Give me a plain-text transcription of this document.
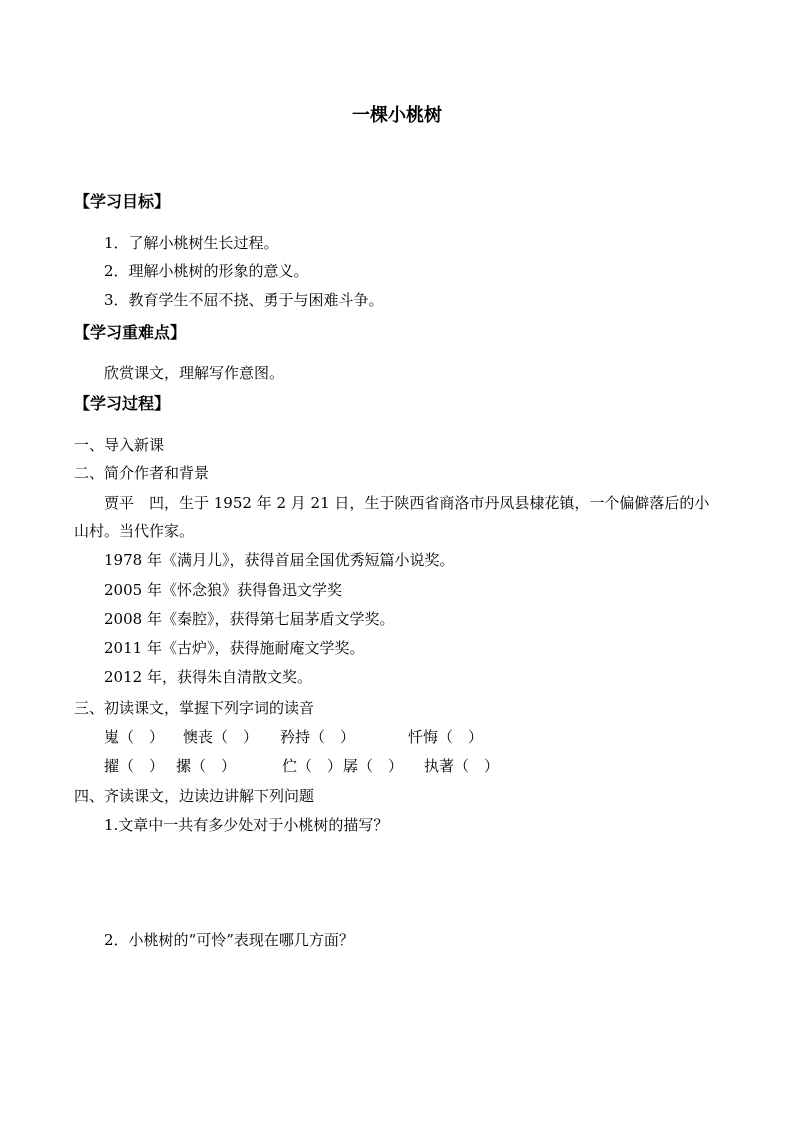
一棵小桃树
【学习目标】
1．了解小桃树生长过程。
2．理解小桃树的形象的意义。
3．教育学生不屈不挠、勇于与困难斗争。
【学习重难点】
欣赏课文，理解写作意图。
【学习过程】
一、导入新课
二、简介作者和背景
贾平　凹，生于 1952 年 2 月 21 日，生于陕西省商洛市丹凤县棣花镇，一个偏僻落后的小
山村。当代作家。
1978 年《满月儿》，获得首届全国优秀短篇小说奖。
2005 年《怀念狼》获得鲁迅文学奖
2008 年《秦腔》，获得第七届茅盾文学奖。
2011 年《古炉》，获得施耐庵文学奖。
2012 年，获得朱自清散文奖。
三、初读课文，掌握下列字词的读音
嵬（　） 懊丧（　） 矜持（　）	忏悔（　）
擢（　） 摞（　）	伫（　） 孱（　） 执著（　）
四、齐读课文，边读边讲解下列问题
1.文章中一共有多少处对于小桃树的描写？
2．小桃树的“可怜”表现在哪几方面？
